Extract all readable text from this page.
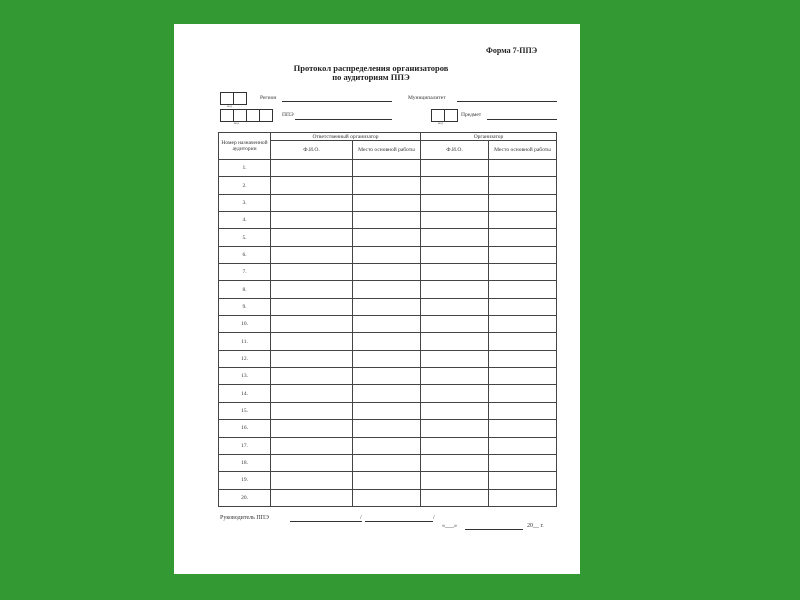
Форма 7-ППЭ
Протокол распределения организаторов
по аудиториям ППЭ
код
Регион	Муниципалитет
код
ППЭ
код
Предмет
Номер назначенной аудитории	Ответственный организатор		Организатор	
	Ф.И.О.	Место основной работы	Ф.И.О.	Место основной работы
1.				
2.				
3.				
4.				
5.				
6.				
7.				
8.				
9.				
10.				
11.				
12.				
13.				
14.				
15.				
16.				
17.				
18.				
19.				
20.				
Руководитель ППЭ	/	/
«___»	20__ г.
